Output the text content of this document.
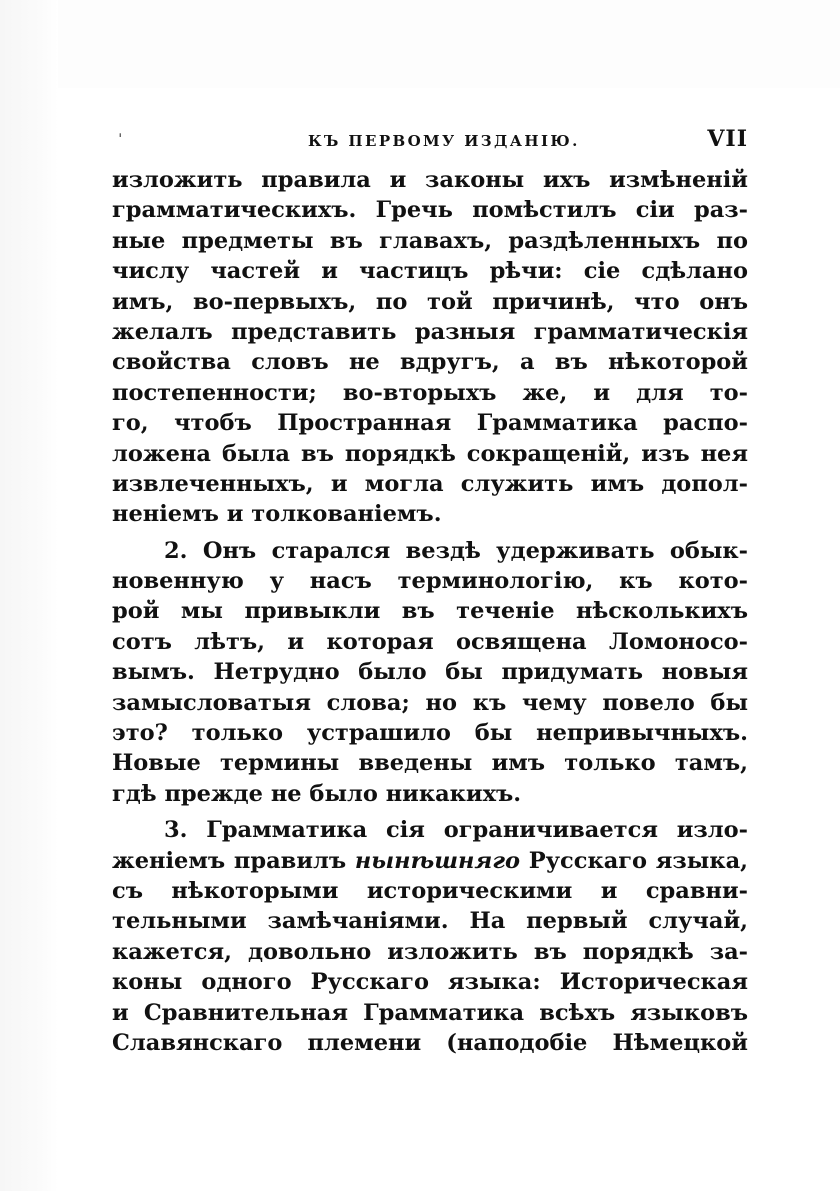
ˌ
КЪ ПЕРВОМУ ИЗДАНІЮ.	VII
изложить правила и законы ихъ измѣненій
грамматическихъ. Гречь помѣстилъ сіи раз-
ные предметы въ главахъ, раздѣленныхъ по
числу частей и частицъ рѣчи: сіе сдѣлано
имъ, во-первыхъ, по той причинѣ, что онъ
желалъ представить разныя грамматическія
свойства словъ не вдругъ, а въ нѣкоторой
постепенности; во-вторыхъ же, и для то-
го, чтобъ Пространная Грамматика распо-
ложена была въ порядкѣ сокращеній, изъ нея
извлеченныхъ, и могла служить имъ допол-
неніемъ и толкованіемъ.
2. Онъ старался вездѣ удерживать обык-
новенную у насъ терминологію, къ кото-
рой мы привыкли въ теченіе нѣсколькихъ
сотъ лѣтъ, и которая освящена Ломоносо-
вымъ. Нетрудно было бы придумать новыя
замысловатыя слова; но къ чему повело бы
это? только устрашило бы непривычныхъ.
Новые термины введены имъ только тамъ,
гдѣ прежде не было никакихъ.
3. Грамматика сія ограничивается изло-
женіемъ правилъ нынѣшняго Русскаго языка,
съ нѣкоторыми историческими и сравни-
тельными замѣчаніями. На первый случай,
кажется, довольно изложить въ порядкѣ за-
коны одного Русскаго языка: Историческая
и Сравнительная Грамматика всѣхъ языковъ
Славянскаго племени (наподобіе Нѣмецкой
